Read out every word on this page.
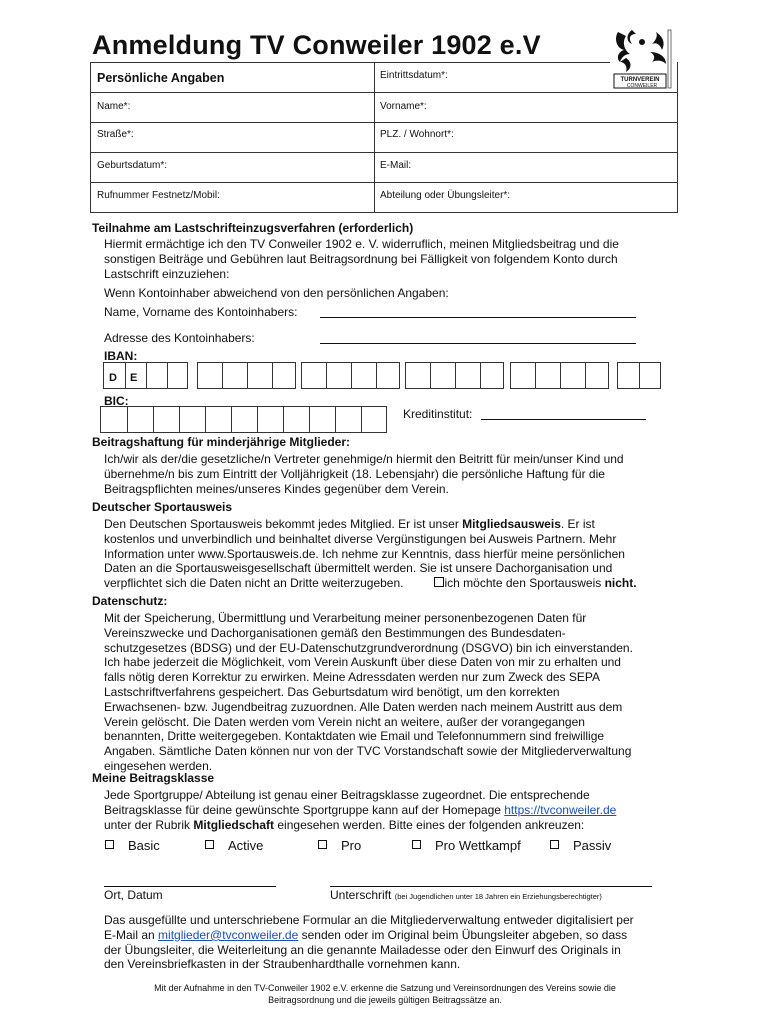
Anmeldung TV Conweiler 1902 e.V
TURNVEREIN
CONWEILER
Persönliche Angaben	Eintrittsdatum*:
Name*:	Vorname*:
Straße*:	PLZ. / Wohnort*:
Geburtsdatum*:	E-Mail:
Rufnummer Festnetz/Mobil:	Abteilung oder Übungsleiter*:
Teilnahme am Lastschrifteinzugsverfahren (erforderlich)
Hiermit ermächtige ich den TV Conweiler 1902 e. V. widerruflich, meinen Mitgliedsbeitrag und die
sonstigen Beiträge und Gebühren laut Beitragsordnung bei Fälligkeit von folgendem Konto durch
Lastschrift einzuziehen:
Wenn Kontoinhaber abweichend von den persönlichen Angaben:
Name, Vorname des Kontoinhabers:
Adresse des Kontoinhabers:
IBAN:
D E
BIC:
Kreditinstitut:
Beitragshaftung für minderjährige Mitglieder:
Ich/wir als der/die gesetzliche/n Vertreter genehmige/n hiermit den Beitritt für mein/unser Kind und
übernehme/n bis zum Eintritt der Volljährigkeit (18. Lebensjahr) die persönliche Haftung für die
Beitragspflichten meines/unseres Kindes gegenüber dem Verein.
Deutscher Sportausweis
Den Deutschen Sportausweis bekommt jedes Mitglied. Er ist unser Mitgliedsausweis. Er ist
kostenlos und unverbindlich und beinhaltet diverse Vergünstigungen bei Ausweis Partnern. Mehr
Information unter www.Sportausweis.de. Ich nehme zur Kenntnis, dass hierfür meine persönlichen
Daten an die Sportausweisgesellschaft übermittelt werden. Sie ist unsere Dachorganisation und
verpflichtet sich die Daten nicht an Dritte weiterzugeben.	ich möchte den Sportausweis nicht.
Datenschutz:
Mit der Speicherung, Übermittlung und Verarbeitung meiner personenbezogenen Daten für
Vereinszwecke und Dachorganisationen gemäß den Bestimmungen des Bundesdaten-
schutzgesetzes (BDSG) und der EU-Datenschutzgrundverordnung (DSGVO) bin ich einverstanden.
Ich habe jederzeit die Möglichkeit, vom Verein Auskunft über diese Daten von mir zu erhalten und
falls nötig deren Korrektur zu erwirken. Meine Adressdaten werden nur zum Zweck des SEPA
Lastschriftverfahrens gespeichert. Das Geburtsdatum wird benötigt, um den korrekten
Erwachsenen- bzw. Jugendbeitrag zuzuordnen. Alle Daten werden nach meinem Austritt aus dem
Verein gelöscht. Die Daten werden vom Verein nicht an weitere, außer der vorangegangen
benannten, Dritte weitergegeben. Kontaktdaten wie Email und Telefonnummern sind freiwillige
Angaben. Sämtliche Daten können nur von der TVC Vorstandschaft sowie der Mitgliederverwaltung
eingesehen werden.
Meine Beitragsklasse
Jede Sportgruppe/ Abteilung ist genau einer Beitragsklasse zugeordnet. Die entsprechende
Beitragsklasse für deine gewünschte Sportgruppe kann auf der Homepage https://tvconweiler.de
unter der Rubrik Mitgliedschaft eingesehen werden. Bitte eines der folgenden ankreuzen:
Basic	Active	Pro	Pro Wettkampf	Passiv
Ort, Datum	Unterschrift (bei Jugendlichen unter 18 Jahren ein Erziehungsberechtigter)
Das ausgefüllte und unterschriebene Formular an die Mitgliederverwaltung entweder digitalisiert per
E-Mail an mitglieder@tvconweiler.de senden oder im Original beim Übungsleiter abgeben, so dass
der Übungsleiter, die Weiterleitung an die genannte Mailadesse oder den Einwurf des Originals in
den Vereinsbriefkasten in der Straubenhardthalle vornehmen kann.
Mit der Aufnahme in den TV-Conweiler 1902 e.V. erkenne die Satzung und Vereinsordnungen des Vereins sowie die
Beitragsordnung und die jeweils gültigen Beitragssätze an.
